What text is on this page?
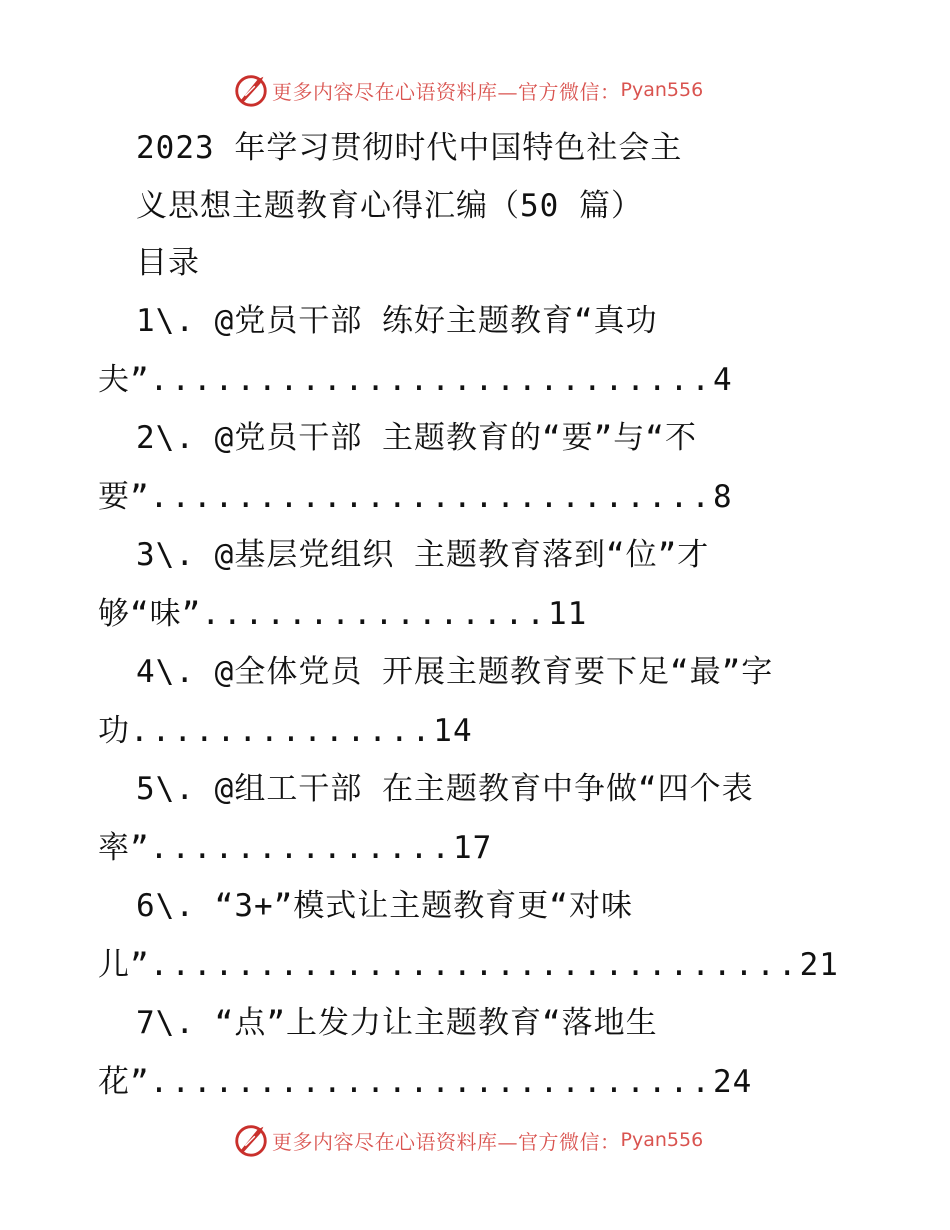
更多内容尽在心语资料库—官方微信： Pyan556
2023 年学习贯彻时代中国特色社会主
义思想主题教育心得汇编（50 篇）
目录
1\. @党员干部 练好主题教育“真功
夫”..........................4
2\. @党员干部 主题教育的“要”与“不
要”..........................8
3\. @基层党组织 主题教育落到“位”才
够“味”................11
4\. @全体党员 开展主题教育要下足“最”字
功..............14
5\. @组工干部 在主题教育中争做“四个表
率”..............17
6\. “3+”模式让主题教育更“对味
儿”..............................21
7\. “点”上发力让主题教育“落地生
花”..........................24
更多内容尽在心语资料库—官方微信： Pyan556
